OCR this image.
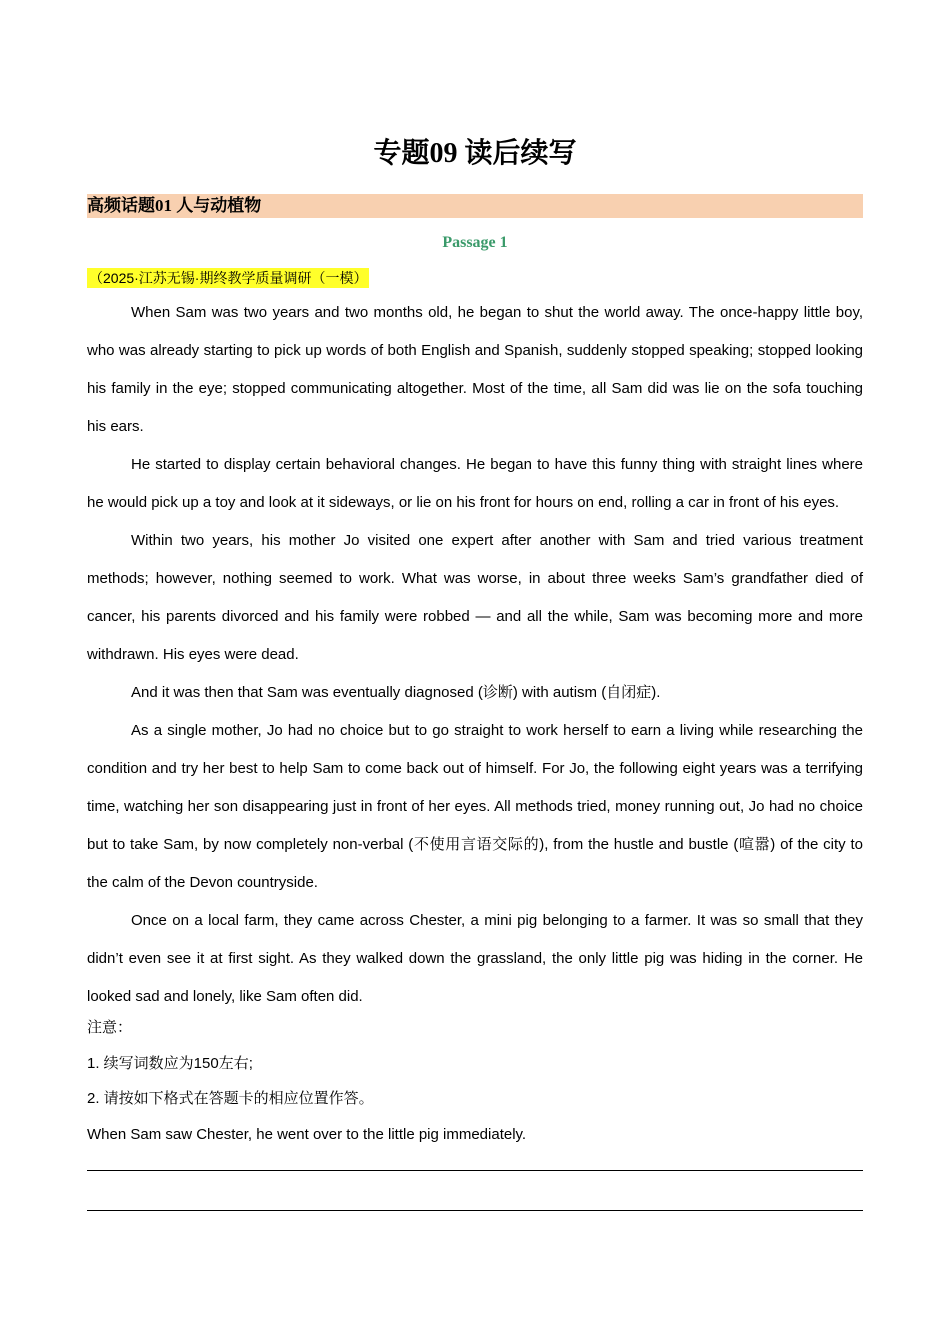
专题09 读后续写
高频话题01 人与动植物
Passage 1
（2025·江苏无锡·期终教学质量调研（一模）

When Sam was two years and two months old, he began to shut the world away. The once-happy little boy, who was already starting to pick up words of both English and Spanish, suddenly stopped speaking; stopped looking his family in the eye; stopped communicating altogether. Most of the time, all Sam did was lie on the sofa touching his ears.

He started to display certain behavioral changes. He began to have this funny thing with straight lines where he would pick up a toy and look at it sideways, or lie on his front for hours on end, rolling a car in front of his eyes.

Within two years, his mother Jo visited one expert after another with Sam and tried various treatment methods; however, nothing seemed to work. What was worse, in about three weeks Sam’s grandfather died of cancer, his parents divorced and his family were robbed — and all the while, Sam was becoming more and more withdrawn. His eyes were dead.

And it was then that Sam was eventually diagnosed (诊断) with autism (自闭症).

As a single mother, Jo had no choice but to go straight to work herself to earn a living while researching the condition and try her best to help Sam to come back out of himself. For Jo, the following eight years was a terrifying time, watching her son disappearing just in front of her eyes. All methods tried, money running out, Jo had no choice but to take Sam, by now completely non-verbal (不使用言语交际的), from the hustle and bustle (喧嚣) of the city to the calm of the Devon countryside.

Once on a local farm, they came across Chester, a mini pig belonging to a farmer. It was so small that they didn’t even see it at first sight. As they walked down the grassland, the only little pig was hiding in the corner. He looked sad and lonely, like Sam often did.

注意：

1. 续写词数应为150左右;

2. 请按如下格式在答题卡的相应位置作答。

When Sam saw Chester, he went over to the little pig immediately.
